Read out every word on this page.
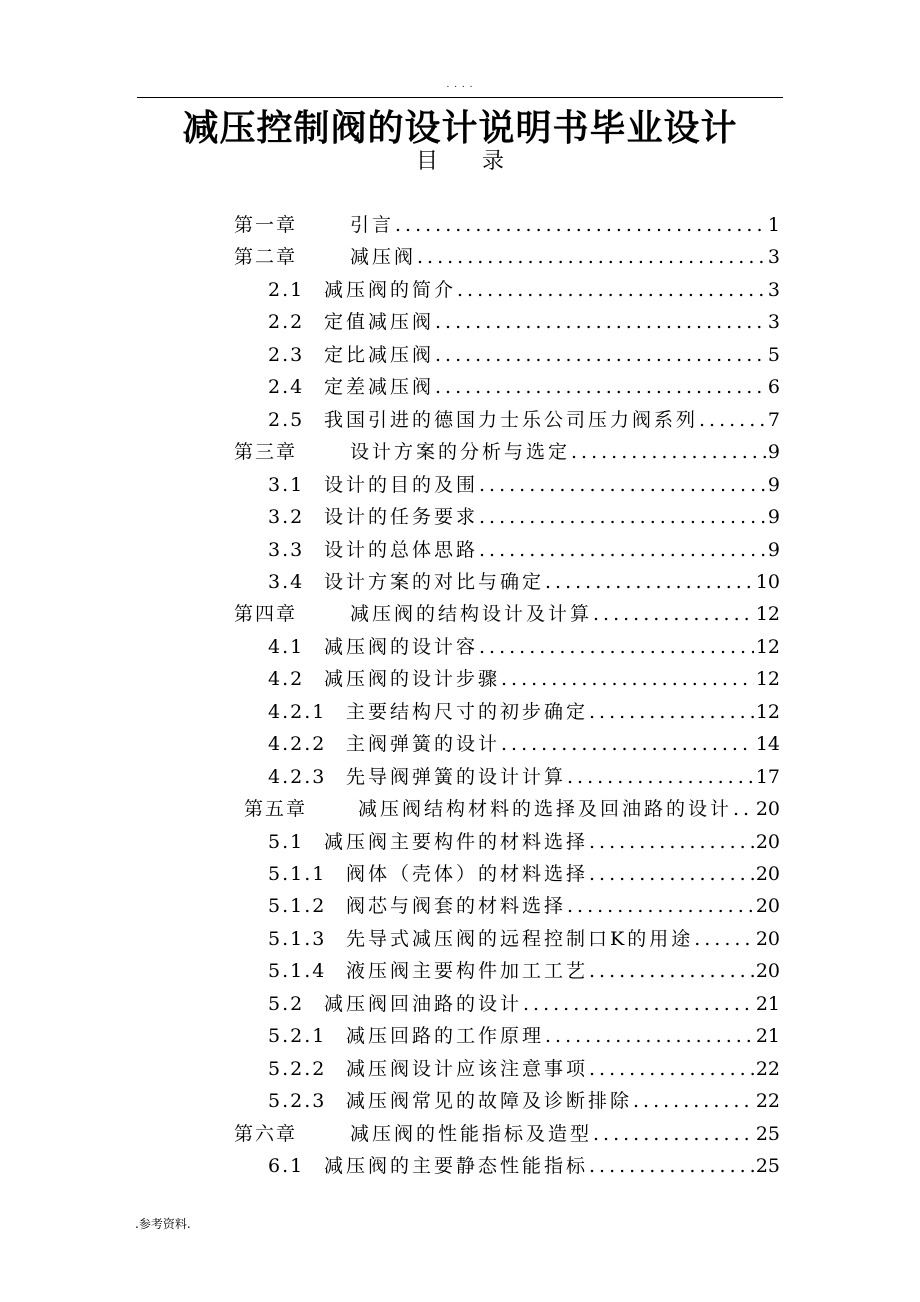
. . . .
减压控制阀的设计说明书毕业设计
目 录
第一章	引言 .....	1
第二章	减压阀 .....	3
2.1	减压阀的简介 .....	3
2.2	定值减压阀 .....	3
2.3	定比减压阀 .....	5
2.4	定差减压阀 .....	6
2.5	我国引进的德国力士乐公司压力阀系列 .....	7
第三章	设计方案的分析与选定 .....	9
3.1	设计的目的及围 .....	9
3.2	设计的任务要求 .....	9
3.3	设计的总体思路 .....	9
3.4	设计方案的对比与确定 .....	10
第四章	减压阀的结构设计及计算 .....	12
4.1	减压阀的设计容 .....	12
4.2	减压阀的设计步骤 .....	12
4.2.1	主要结构尺寸的初步确定 .....	12
4.2.2	主阀弹簧的设计 .....	14
4.2.3	先导阀弹簧的设计计算 .....	17
第五章	减压阀结构材料的选择及回油路的设计 ..... 20
5.1	减压阀主要构件的材料选择 .....	20
5.1.1	阀体（壳体）的材料选择 .....	20
5.1.2	阀芯与阀套的材料选择 .....	20
5.1.3	先导式减压阀的远程控制口K的用途 .....	20
5.1.4	液压阀主要构件加工工艺 .....	20
5.2	减压阀回油路的设计 .....	21
5.2.1	减压回路的工作原理 .....	21
5.2.2	减压阀设计应该注意事项 .....	22
5.2.3	减压阀常见的故障及诊断排除 .....	22
第六章	减压阀的性能指标及造型 .....	25
6.1	减压阀的主要静态性能指标 .....	25
.参考资料.
